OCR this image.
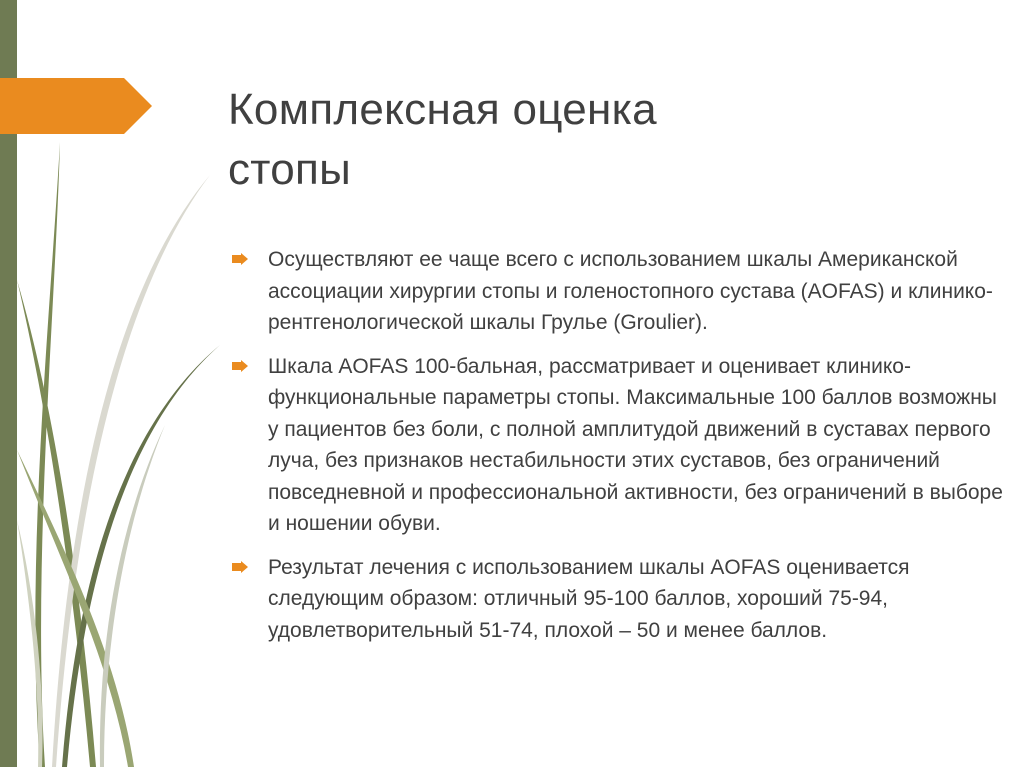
Комплексная оценка
стопы
Осуществляют ее чаще всего с использованием шкалы Американской ассоциации хирургии стопы и голеностопного сустава (AOFAS) и клинико-рентгенологической шкалы Грулье (Groulier).
Шкала AOFAS 100-бальная, рассматривает и оценивает клинико-функциональные параметры стопы. Максимальные 100 баллов возможны у пациентов без боли, с полной амплитудой движений в суставах первого луча, без признаков нестабильности этих суставов, без ограничений повседневной и профессиональной активности, без ограничений в выборе и ношении обуви.
Результат лечения с использованием шкалы AOFAS оценивается следующим образом: отличный 95-100 баллов, хороший 75-94, удовлетворительный 51-74, плохой – 50 и менее баллов.
